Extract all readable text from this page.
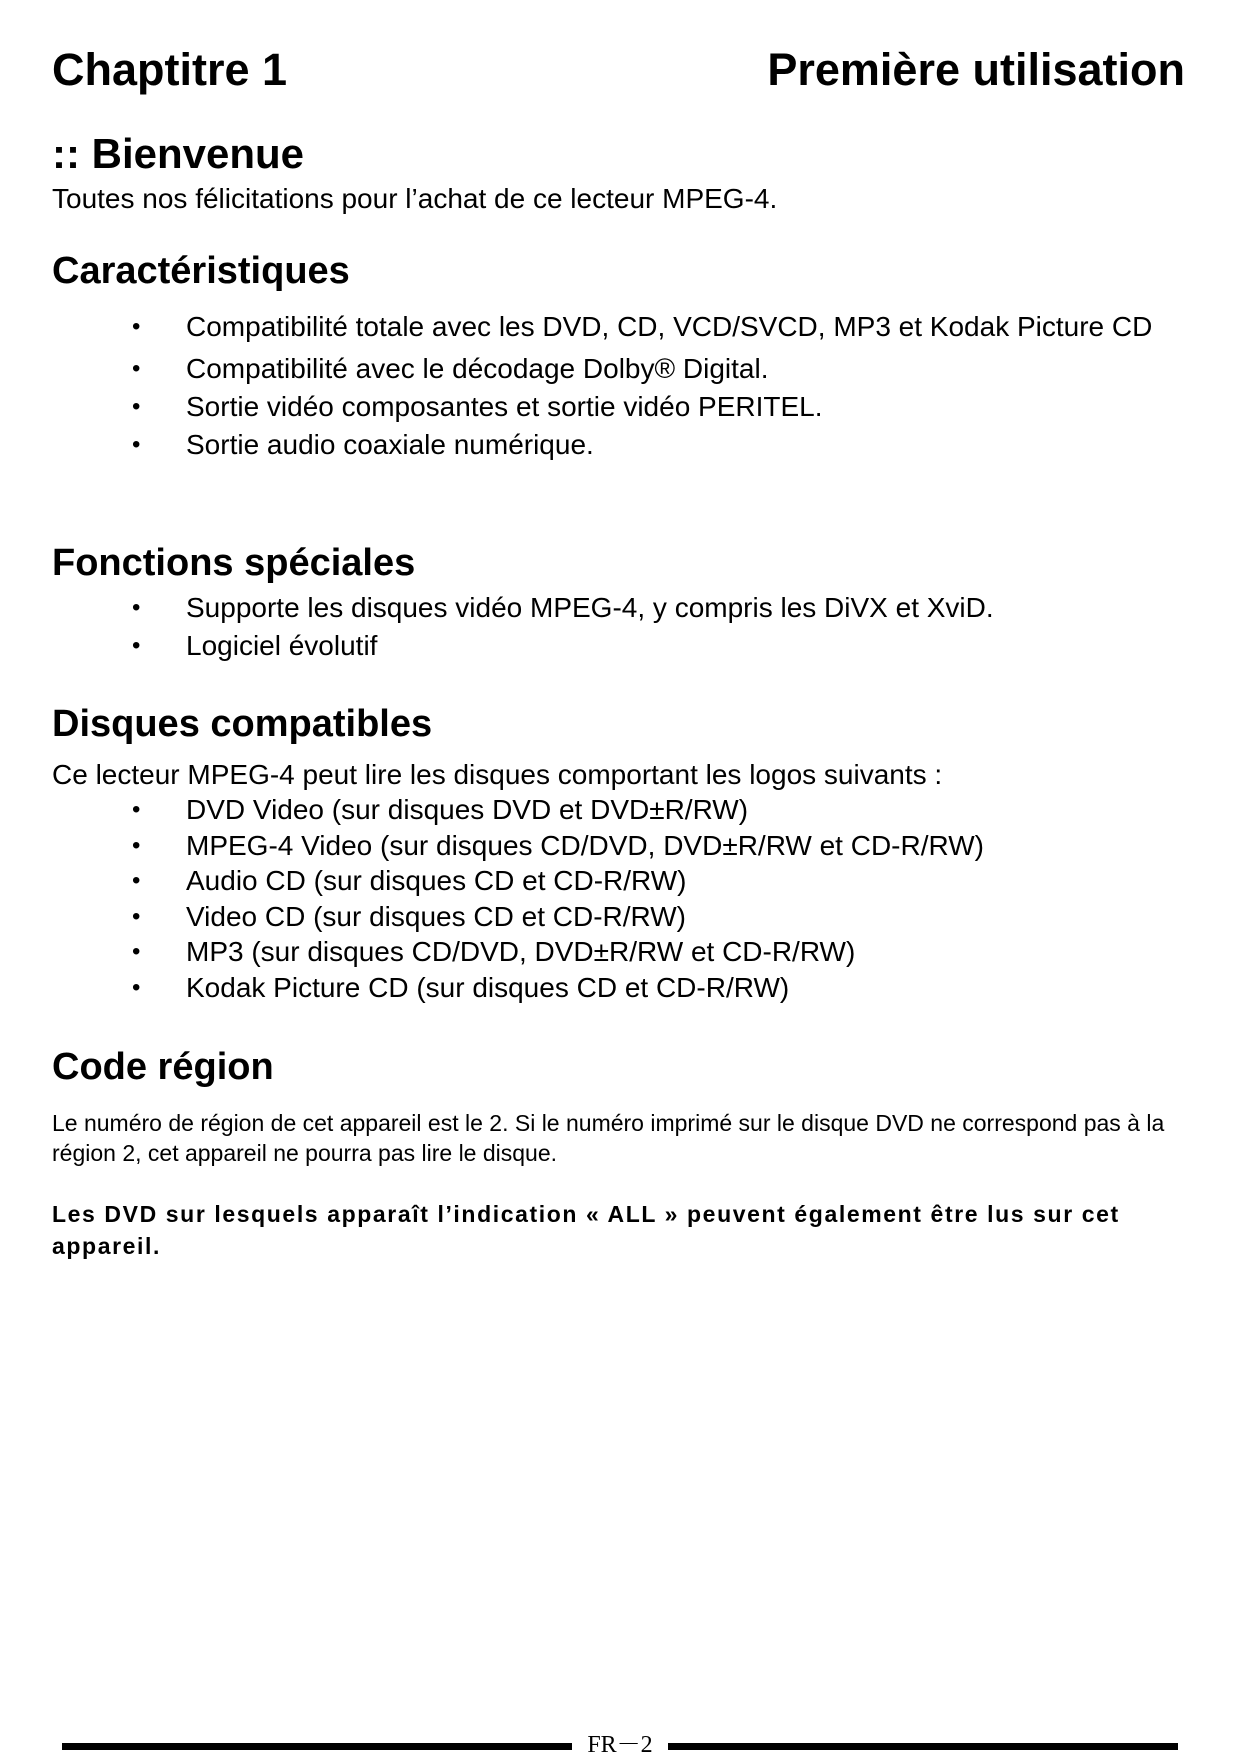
Chaptitre 1	Première utilisation
:: Bienvenue

Toutes nos félicitations pour l’achat de ce lecteur MPEG-4.

Caractéristiques
• Compatibilité totale avec les DVD, CD, VCD/SVCD, MP3 et Kodak Picture CD
• Compatibilité avec le décodage Dolby® Digital.
• Sortie vidéo composantes et sortie vidéo PERITEL.
• Sortie audio coaxiale numérique.
Fonctions spéciales
• Supporte les disques vidéo MPEG-4, y compris les DiVX et XviD.
• Logiciel évolutif
Disques compatibles

Ce lecteur MPEG-4 peut lire les disques comportant les logos suivants :

• DVD Video (sur disques DVD et DVD±R/RW)
• MPEG-4 Video (sur disques CD/DVD, DVD±R/RW et CD-R/RW)
• Audio CD (sur disques CD et CD-R/RW)
• Video CD (sur disques CD et CD-R/RW)
• MP3 (sur disques CD/DVD, DVD±R/RW et CD-R/RW)
• Kodak Picture CD (sur disques CD et CD-R/RW)
Code région

Le numéro de région de cet appareil est le 2. Si le numéro imprimé sur le disque DVD ne correspond pas à la région 2, cet appareil ne pourra pas lire le disque.

Les DVD sur lesquels apparaît l’indication « ALL » peuvent également être lus sur cet appareil.

FR－2
